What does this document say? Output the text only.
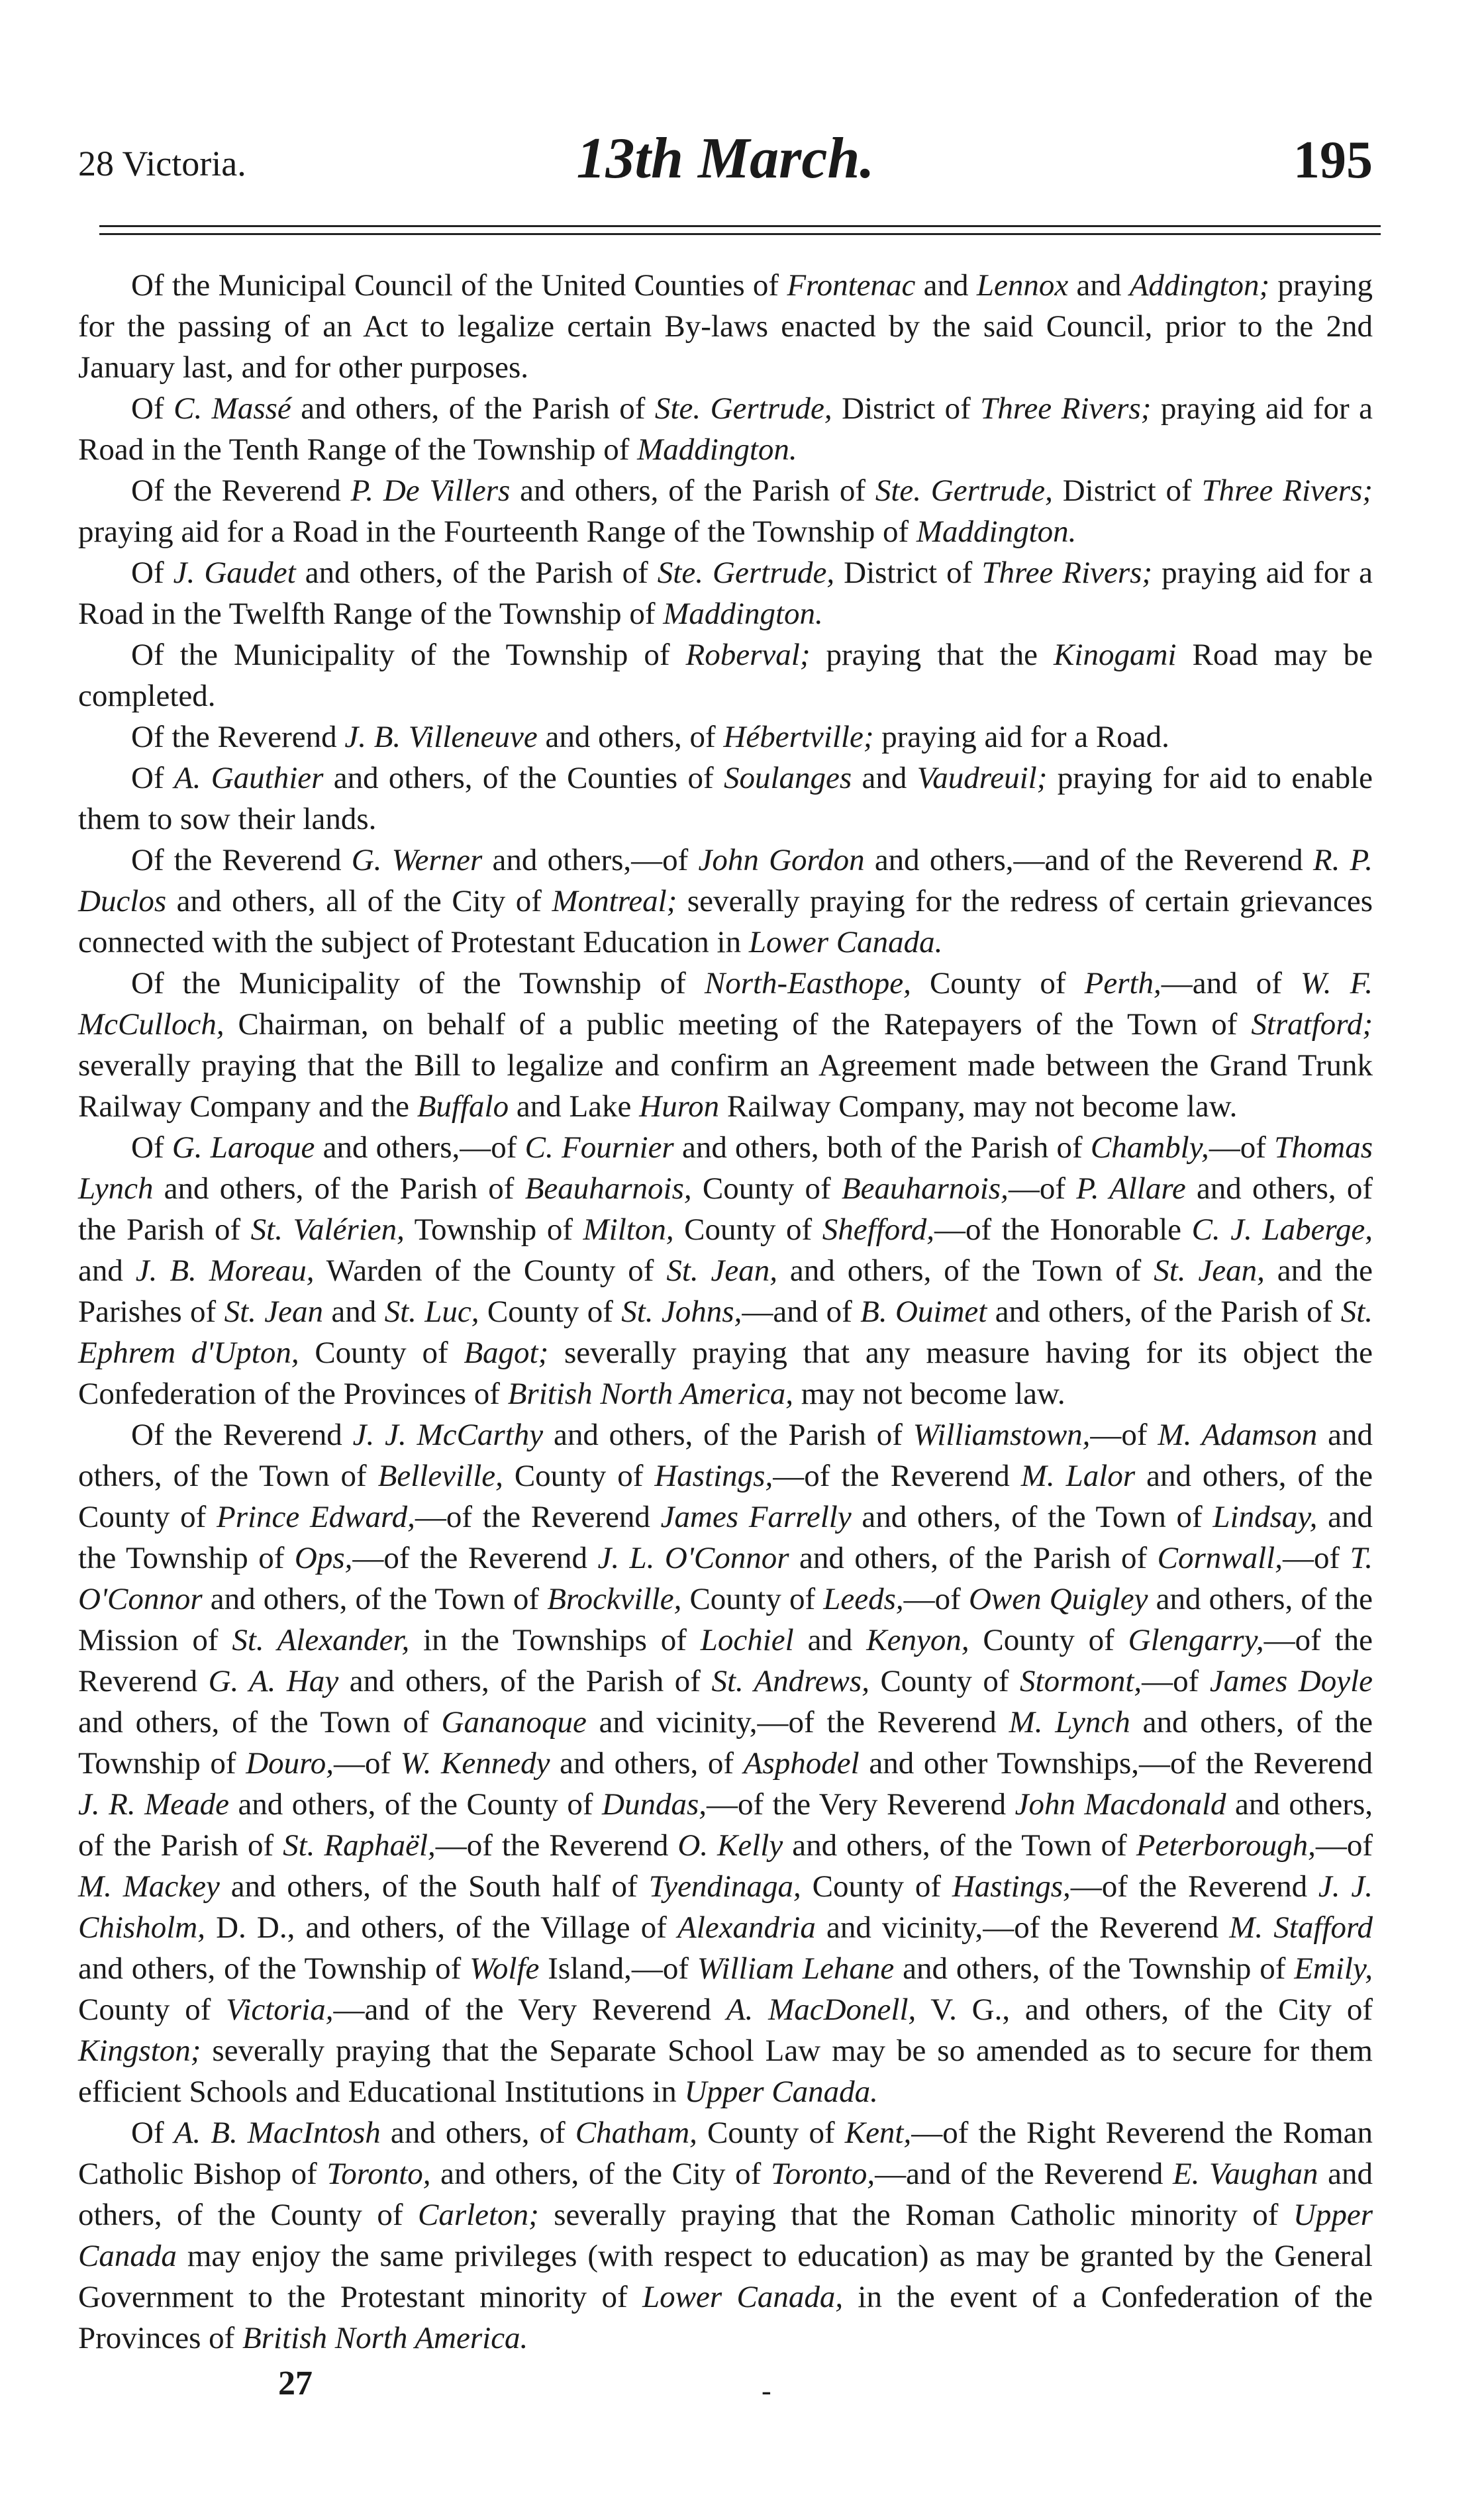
28 Victoria.	13th March.	195

Of the Municipal Council of the United Counties of Frontenac and Lennox and Addington; praying for the passing of an Act to legalize certain By-laws enacted by the said Council, prior to the 2nd January last, and for other purposes.

Of C. Massé and others, of the Parish of Ste. Gertrude, District of Three Rivers; praying aid for a Road in the Tenth Range of the Township of Maddington.

Of the Reverend P. De Villers and others, of the Parish of Ste. Gertrude, District of Three Rivers; praying aid for a Road in the Fourteenth Range of the Township of Maddington.

Of J. Gaudet and others, of the Parish of Ste. Gertrude, District of Three Rivers; praying aid for a Road in the Twelfth Range of the Township of Maddington.

Of the Municipality of the Township of Roberval; praying that the Kinogami Road may be completed.

Of the Reverend J. B. Villeneuve and others, of Hébertville; praying aid for a Road.

Of A. Gauthier and others, of the Counties of Soulanges and Vaudreuil; praying for aid to enable them to sow their lands.

Of the Reverend G. Werner and others,—of John Gordon and others,—and of the Reverend R. P. Duclos and others, all of the City of Montreal; severally praying for the redress of certain grievances connected with the subject of Protestant Education in Lower Canada.

Of the Municipality of the Township of North-Easthope, County of Perth,—and of W. F. McCulloch, Chairman, on behalf of a public meeting of the Ratepayers of the Town of Stratford; severally praying that the Bill to legalize and confirm an Agreement made between the Grand Trunk Railway Company and the Buffalo and Lake Huron Railway Company, may not become law.

Of G. Laroque and others,—of C. Fournier and others, both of the Parish of Chambly,—of Thomas Lynch and others, of the Parish of Beauharnois, County of Beauharnois,—of P. Allare and others, of the Parish of St. Valérien, Township of Milton, County of Shefford,—of the Honorable C. J. Laberge, and J. B. Moreau, Warden of the County of St. Jean, and others, of the Town of St. Jean, and the Parishes of St. Jean and St. Luc, County of St. Johns,—and of B. Ouimet and others, of the Parish of St. Ephrem d'Upton, County of Bagot; severally praying that any measure having for its object the Confederation of the Provinces of British North America, may not become law.

Of the Reverend J. J. McCarthy and others, of the Parish of Williamstown,—of M. Adamson and others, of the Town of Belleville, County of Hastings,—of the Reverend M. Lalor and others, of the County of Prince Edward,—of the Reverend James Farrelly and others, of the Town of Lindsay, and the Township of Ops,—of the Reverend J. L. O'Connor and others, of the Parish of Cornwall,—of T. O'Connor and others, of the Town of Brockville, County of Leeds,—of Owen Quigley and others, of the Mission of St. Alexander, in the Townships of Lochiel and Kenyon, County of Glengarry,—of the Reverend G. A. Hay and others, of the Parish of St. Andrews, County of Stormont,—of James Doyle and others, of the Town of Gananoque and vicinity,—of the Reverend M. Lynch and others, of the Township of Douro,—of W. Kennedy and others, of Asphodel and other Townships,—of the Reverend J. R. Meade and others, of the County of Dundas,—of the Very Reverend John Macdonald and others, of the Parish of St. Raphaël,—of the Reverend O. Kelly and others, of the Town of Peterborough,—of M. Mackey and others, of the South half of Tyendinaga, County of Hastings,—of the Reverend J. J. Chisholm, D. D., and others, of the Village of Alexandria and vicinity,—of the Reverend M. Stafford and others, of the Township of Wolfe Island,—of William Lehane and others, of the Township of Emily, County of Victoria,—and of the Very Reverend A. MacDonell, V. G., and others, of the City of Kingston; severally praying that the Separate School Law may be so amended as to secure for them efficient Schools and Educational Institutions in Upper Canada.

Of A. B. MacIntosh and others, of Chatham, County of Kent,—of the Right Reverend the Roman Catholic Bishop of Toronto, and others, of the City of Toronto,—and of the Reverend E. Vaughan and others, of the County of Carleton; severally praying that the Roman Catholic minority of Upper Canada may enjoy the same privileges (with respect to education) as may be granted by the General Government to the Protestant minority of Lower Canada, in the event of a Confederation of the Provinces of British North America.

27	-
